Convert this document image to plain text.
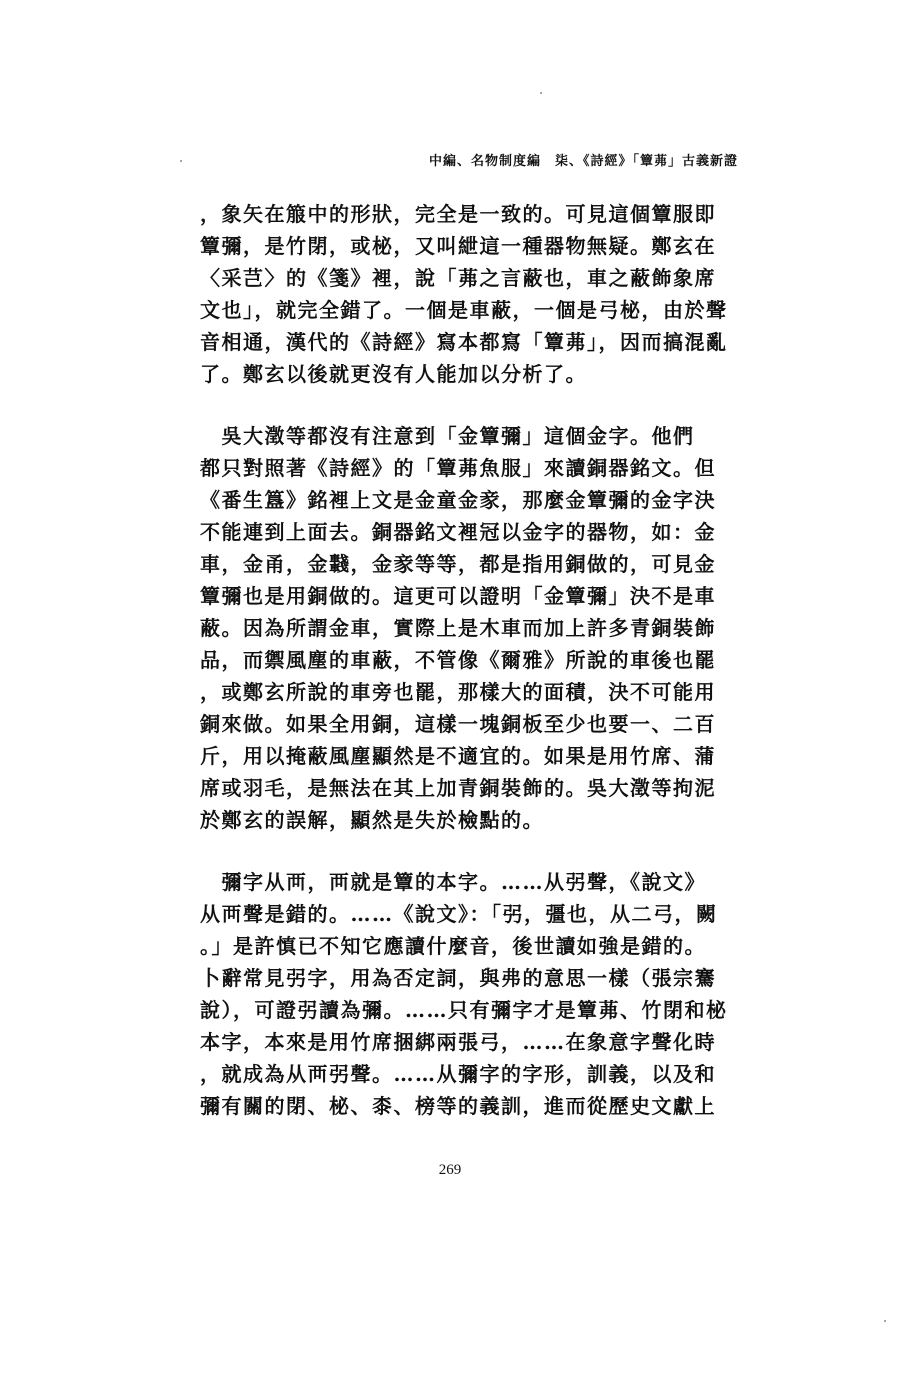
中編、名物制度編　柒、《詩經》「簟茀」古義新證

，象矢在箙中的形狀，完全是一致的。可見這個簟服即
簟彌，是竹閉，或柲，又叫紲這一種器物無疑。鄭玄在
〈采芑〉的《箋》裡，說「茀之言蔽也，車之蔽飾象席
文也」，就完全錯了。一個是車蔽，一個是弓柲，由於聲
音相通，漢代的《詩經》寫本都寫「簟茀」，因而搞混亂
了。鄭玄以後就更沒有人能加以分析了。

　吳大澂等都沒有注意到「金簟彌」這個金字。他們
都只對照著《詩經》的「簟茀魚服」來讀銅器銘文。但
《番生簋》銘裡上文是金童金豙，那麼金簟彌的金字決
不能連到上面去。銅器銘文裡冠以金字的器物，如：金
車，金甬，金𨏖，金豙等等，都是指用銅做的，可見金
簟彌也是用銅做的。這更可以證明「金簟彌」決不是車
蔽。因為所謂金車，實際上是木車而加上許多青銅裝飾
品，而禦風塵的車蔽，不管像《爾雅》所說的車後也罷
，或鄭玄所說的車旁也罷，那樣大的面積，決不可能用
銅來做。如果全用銅，這樣一塊銅板至少也要一、二百
斤，用以掩蔽風塵顯然是不適宜的。如果是用竹席、蒲
席或羽毛，是無法在其上加青銅裝飾的。吳大澂等拘泥
於鄭玄的誤解，顯然是失於檢點的。

　彌字从襾，襾就是簟的本字。……从弜聲，《說文》
从襾聲是錯的。……《說文》：「弜，彊也，从二弓，闕
。」是許慎已不知它應讀什麼音，後世讀如強是錯的。
卜辭常見弜字，用為否定詞，與弗的意思一樣（張宗騫
說），可證弜讀為彌。……只有彌字才是簟茀、竹閉和柲
本字，本來是用竹席捆綁兩張弓，……在象意字聲化時
，就成為从襾弜聲。……从彌字的字形，訓義，以及和
彌有關的閉、柲、桼、榜等的義訓，進而從歷史文獻上

269
